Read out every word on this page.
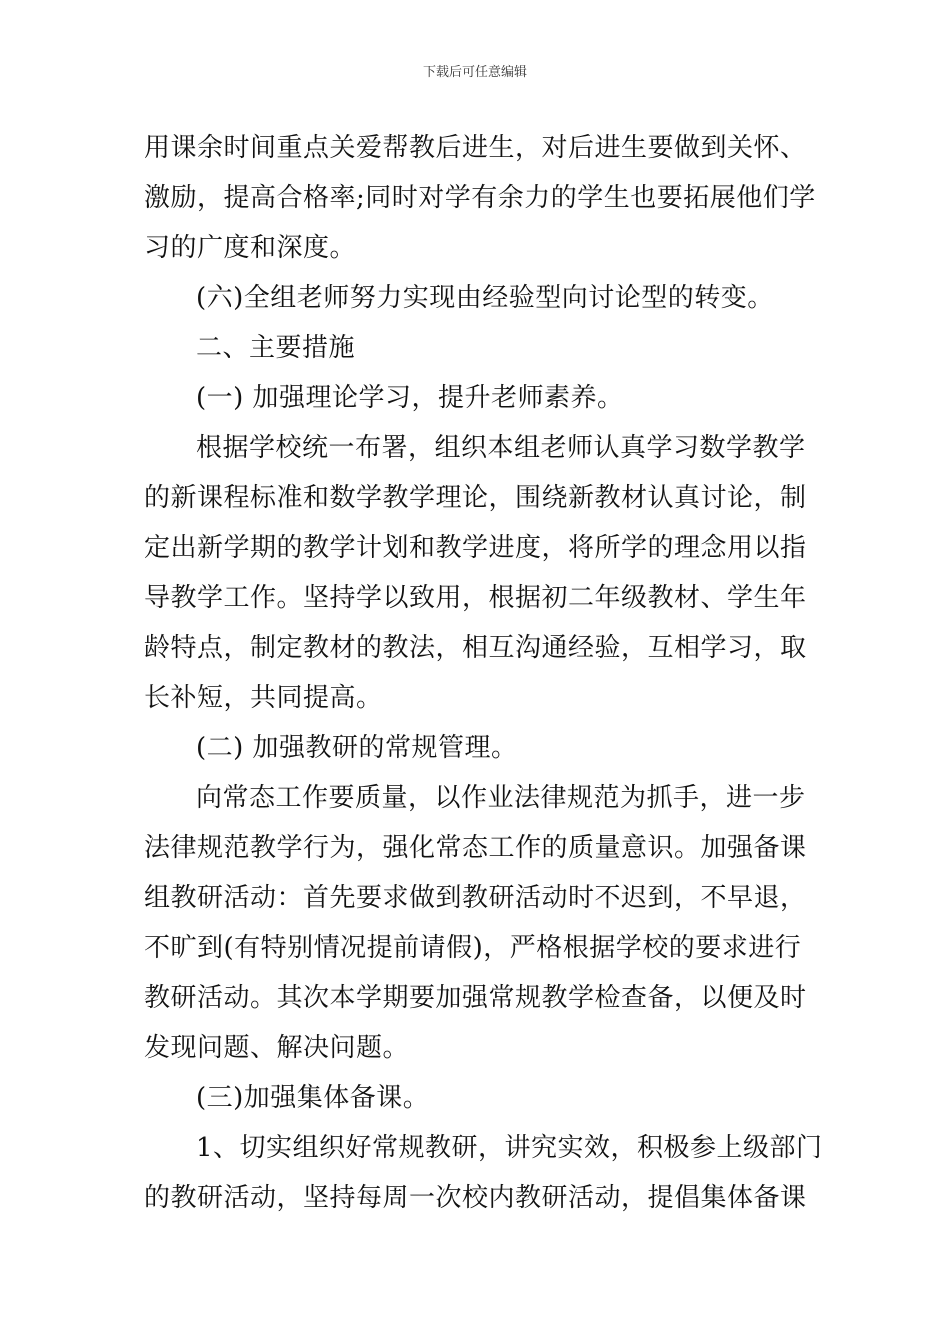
下载后可任意编辑
用课余时间重点关爱帮教后进生，对后进生要做到关怀、
激励，提高合格率;同时对学有余力的学生也要拓展他们学
习的广度和深度。
(六)全组老师努力实现由经验型向讨论型的转变。
二、主要措施
(一) 加强理论学习，提升老师素养。
根据学校统一布署，组织本组老师认真学习数学教学
的新课程标准和数学教学理论，围绕新教材认真讨论，制
定出新学期的教学计划和教学进度，将所学的理念用以指
导教学工作。坚持学以致用，根据初二年级教材、学生年
龄特点，制定教材的教法，相互沟通经验，互相学习，取
长补短，共同提高。
(二) 加强教研的常规管理。
向常态工作要质量，以作业法律规范为抓手，进一步
法律规范教学行为，强化常态工作的质量意识。加强备课
组教研活动：首先要求做到教研活动时不迟到，不早退，
不旷到(有特别情况提前请假)，严格根据学校的要求进行
教研活动。其次本学期要加强常规教学检查备，以便及时
发现问题、解决问题。
(三)加强集体备课。
1、切实组织好常规教研，讲究实效，积极参上级部门
的教研活动，坚持每周一次校内教研活动，提倡集体备课
